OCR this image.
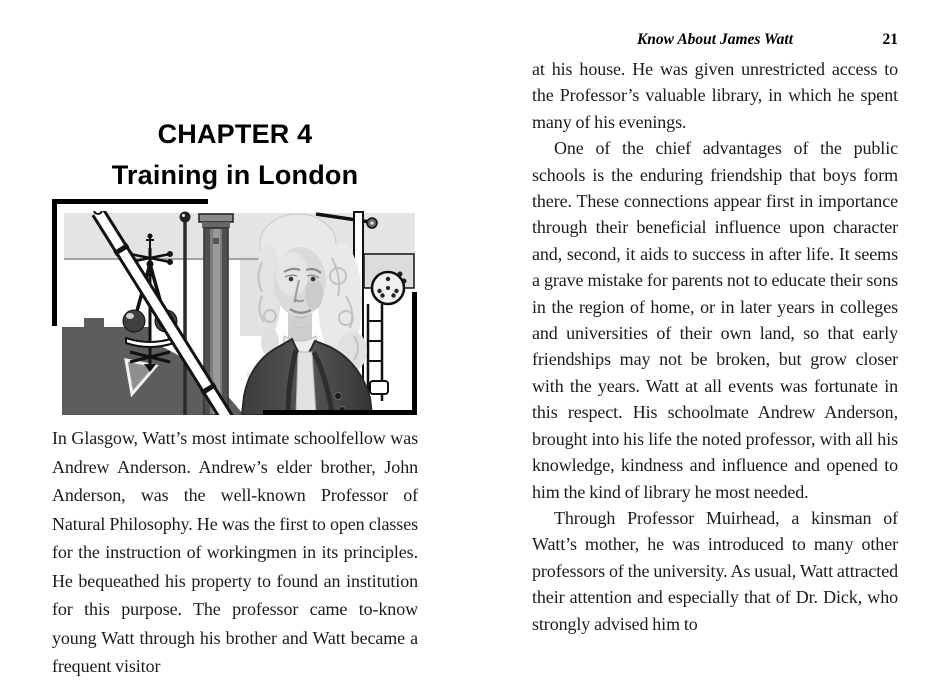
Know About James Watt	21
CHAPTER 4
Training in London

In Glasgow, Watt’s most intimate schoolfellow was Andrew Anderson. Andrew’s elder brother, John Anderson, was the well-known Professor of Natural Philosophy. He was the first to open classes for the instruction of workingmen in its principles. He bequeathed his property to found an institution for this purpose. The professor came to-know young Watt through his brother and Watt became a frequent visitor

at his house. He was given unrestricted access to the Professor’s valuable library, in which he spent many of his evenings.

One of the chief advantages of the public schools is the enduring friendship that boys form there. These connections appear first in importance through their beneficial influence upon character and, second, it aids to success in after life. It seems a grave mistake for parents not to educate their sons in the region of home, or in later years in colleges and universities of their own land, so that early friendships may not be broken, but grow closer with the years. Watt at all events was fortunate in this respect. His schoolmate Andrew Anderson, brought into his life the noted professor, with all his knowledge, kindness and influence and opened to him the kind of library he most needed.

Through Professor Muirhead, a kinsman of Watt’s mother, he was introduced to many other professors of the university. As usual, Watt attracted their attention and especially that of Dr. Dick, who strongly advised him to
